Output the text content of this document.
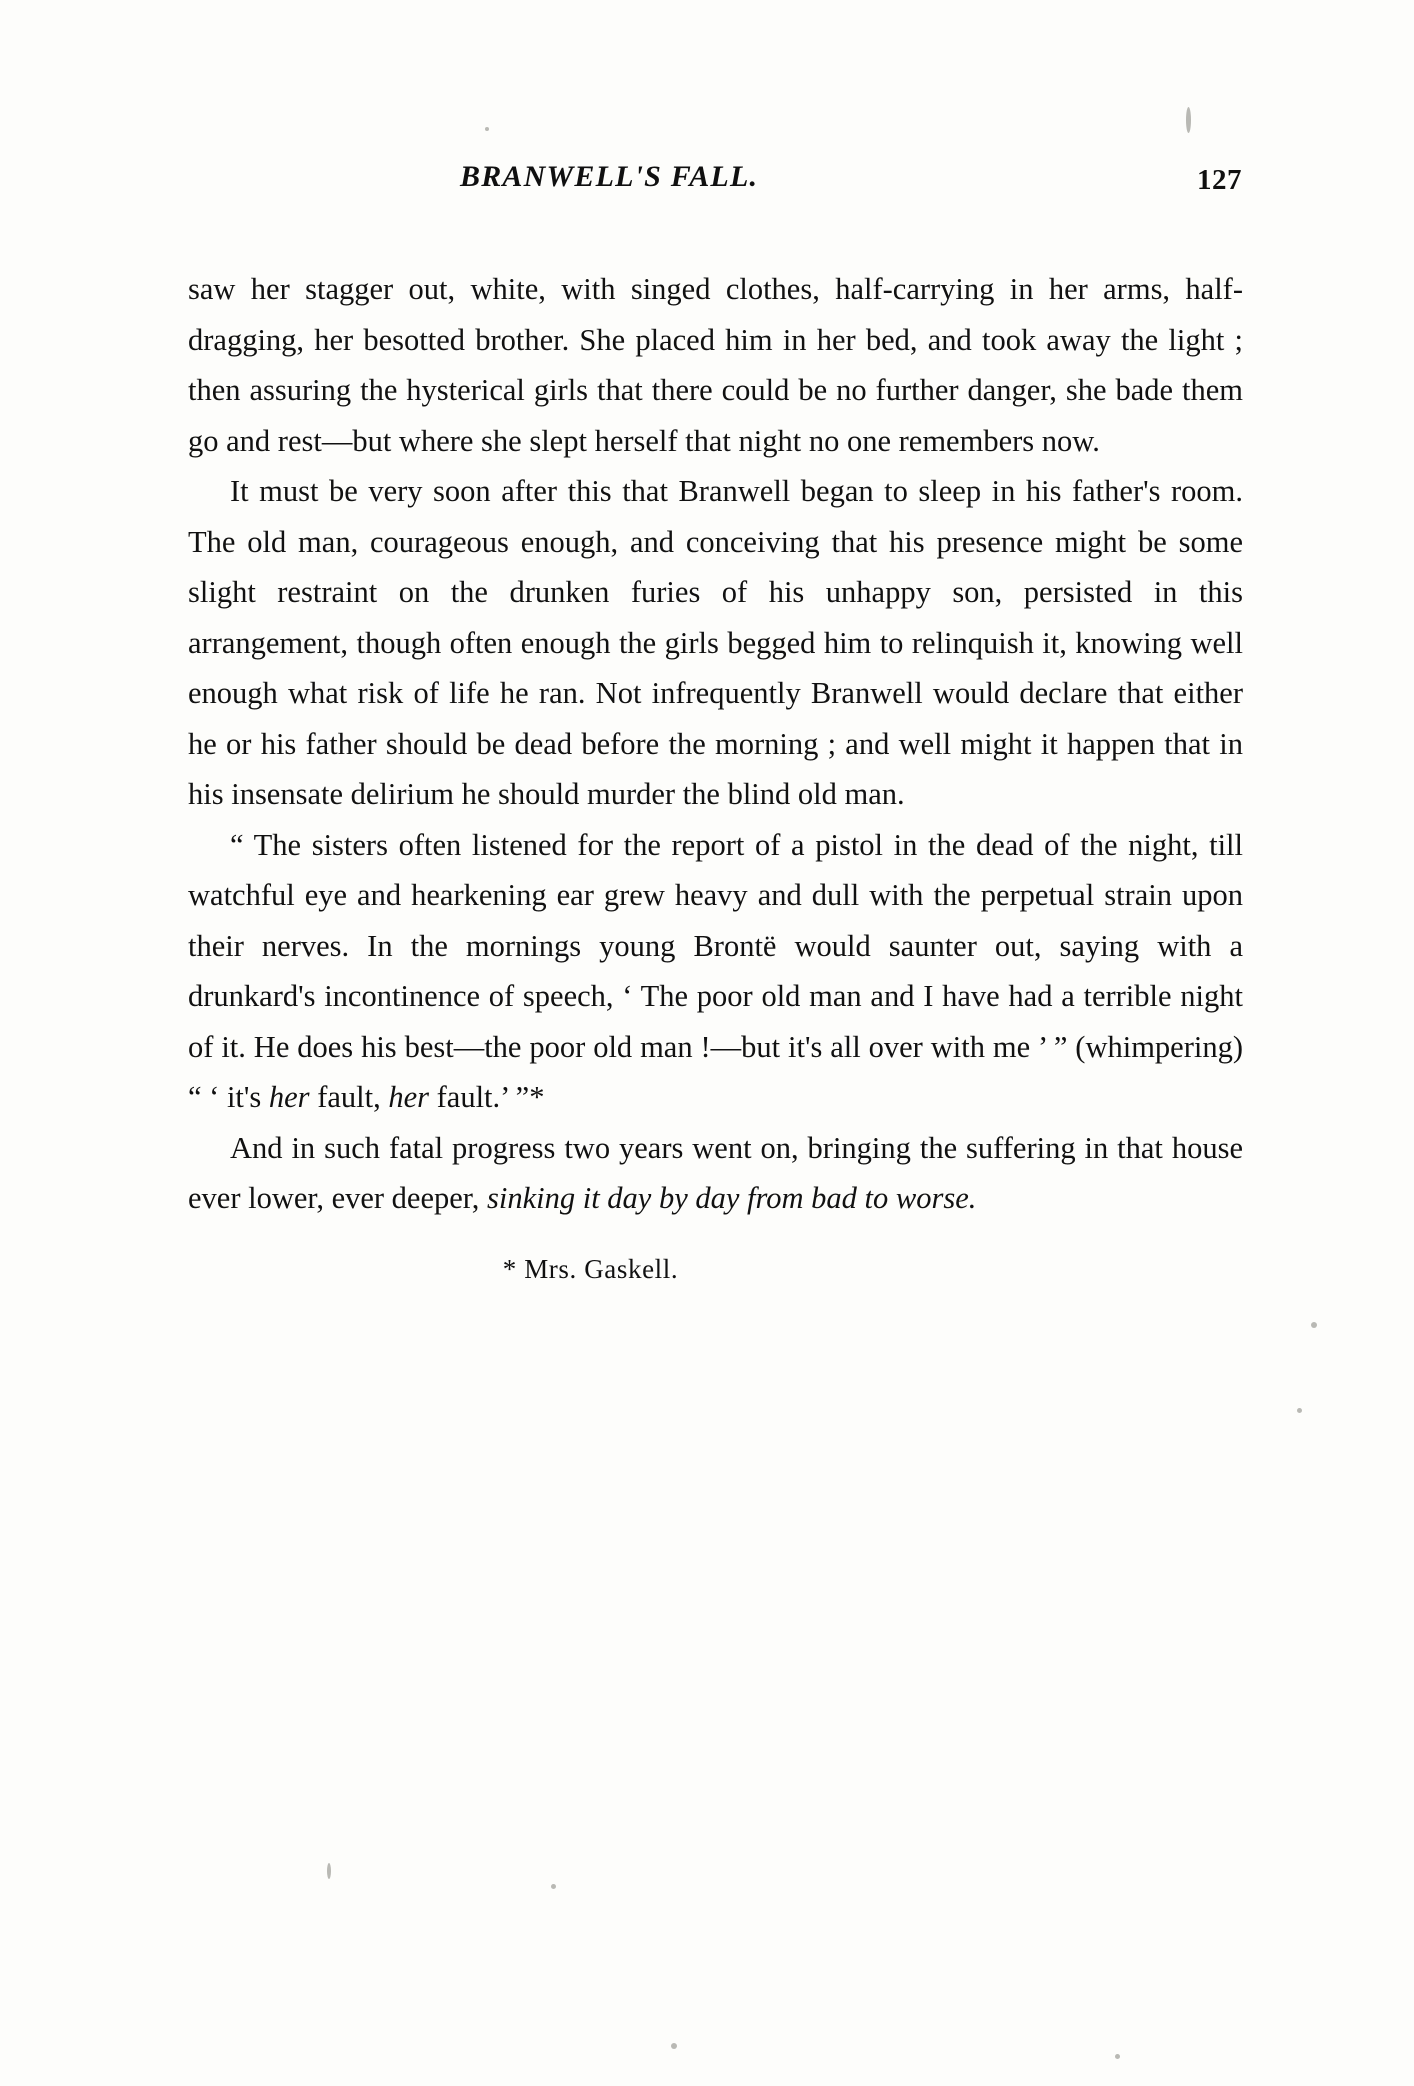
BRANWELL'S FALL.	127

saw her stagger out, white, with singed clothes, half-carrying in her arms, half-dragging, her besotted brother. She placed him in her bed, and took away the light ; then assuring the hysterical girls that there could be no further danger, she bade them go and rest—but where she slept herself that night no one remembers now.

It must be very soon after this that Branwell began to sleep in his father's room. The old man, courageous enough, and conceiving that his presence might be some slight restraint on the drunken furies of his unhappy son, persisted in this arrangement, though often enough the girls begged him to relinquish it, knowing well enough what risk of life he ran. Not infrequently Branwell would declare that either he or his father should be dead before the morning ; and well might it happen that in his insensate delirium he should murder the blind old man.

“ The sisters often listened for the report of a pistol in the dead of the night, till watchful eye and hearkening ear grew heavy and dull with the perpetual strain upon their nerves. In the mornings young Brontë would saunter out, saying with a drunkard's incontinence of speech, ‘ The poor old man and I have had a terrible night of it. He does his best—the poor old man !—but it's all over with me ’ ” (whimpering) “ ‘ it's her fault, her fault.’ ”*

And in such fatal progress two years went on, bringing the suffering in that house ever lower, ever deeper, sinking it day by day from bad to worse.

* Mrs. Gaskell.
